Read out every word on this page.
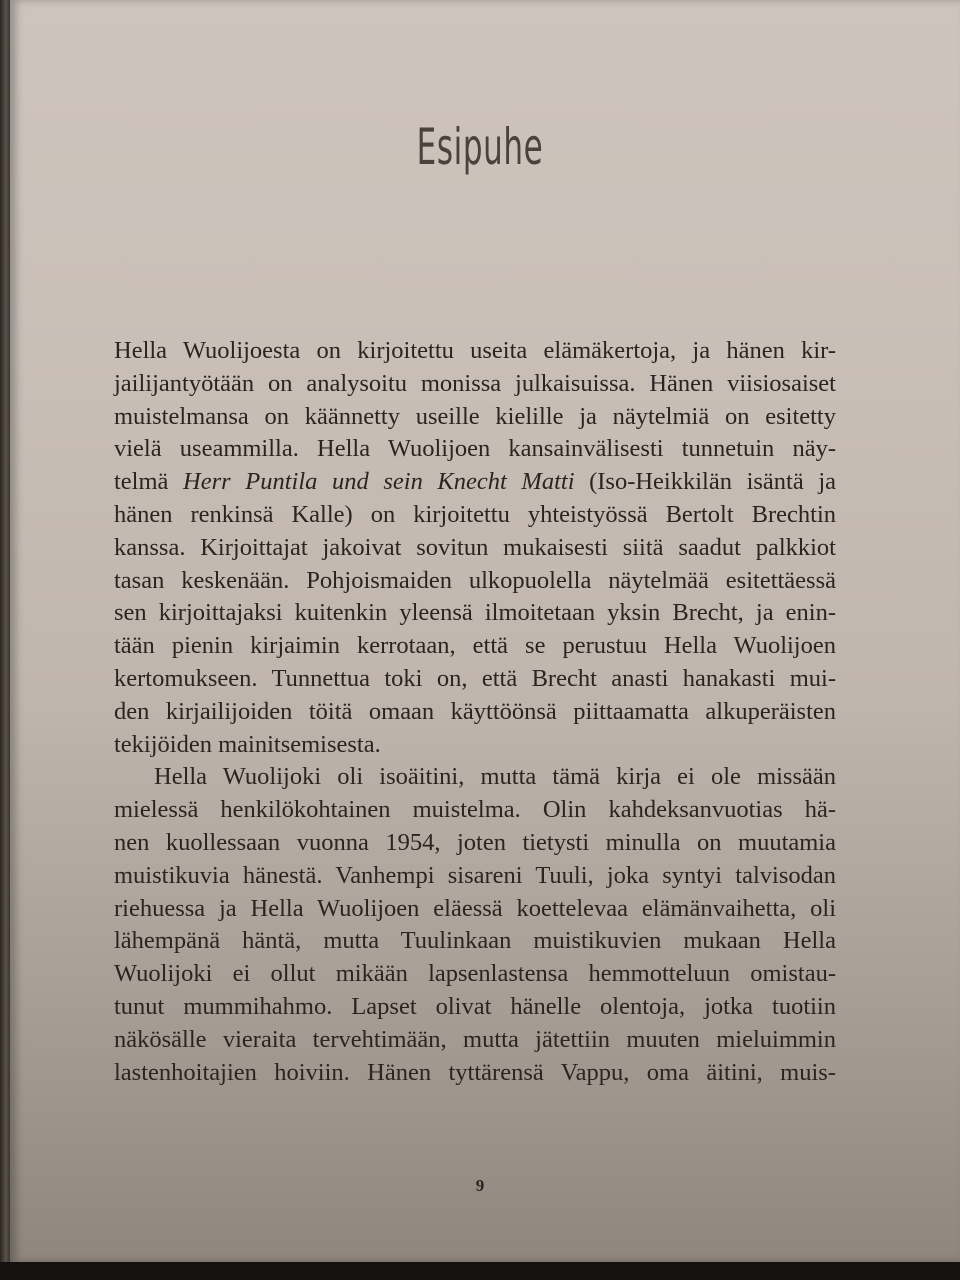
Esipuhe
Hella Wuolijoesta on kirjoitettu useita elämäkertoja, ja hänen kir-
jailijantyötään on analysoitu monissa julkaisuissa. Hänen viisiosaiset
muistelmansa on käännetty useille kielille ja näytelmiä on esitetty
vielä useammilla. Hella Wuolijoen kansainvälisesti tunnetuin näy-
telmä Herr Puntila und sein Knecht Matti (Iso-Heikkilän isäntä ja
hänen renkinsä Kalle) on kirjoitettu yhteistyössä Bertolt Brechtin
kanssa. Kirjoittajat jakoivat sovitun mukaisesti siitä saadut palkkiot
tasan keskenään. Pohjoismaiden ulkopuolella näytelmää esitettäessä
sen kirjoittajaksi kuitenkin yleensä ilmoitetaan yksin Brecht, ja enin-
tään pienin kirjaimin kerrotaan, että se perustuu Hella Wuolijoen
kertomukseen. Tunnettua toki on, että Brecht anasti hanakasti mui-
den kirjailijoiden töitä omaan käyttöönsä piittaamatta alkuperäisten
tekijöiden mainitsemisesta.
Hella Wuolijoki oli isoäitini, mutta tämä kirja ei ole missään
mielessä henkilökohtainen muistelma. Olin kahdeksanvuotias hä-
nen kuollessaan vuonna 1954, joten tietysti minulla on muutamia
muistikuvia hänestä. Vanhempi sisareni Tuuli, joka syntyi talvisodan
riehuessa ja Hella Wuolijoen eläessä koettelevaa elämänvaihetta, oli
lähempänä häntä, mutta Tuulinkaan muistikuvien mukaan Hella
Wuolijoki ei ollut mikään lapsenlastensa hemmotteluun omistau-
tunut mummihahmo. Lapset olivat hänelle olentoja, jotka tuotiin
näkösälle vieraita tervehtimään, mutta jätettiin muuten mieluimmin
lastenhoitajien hoiviin. Hänen tyttärensä Vappu, oma äitini, muis-
9
